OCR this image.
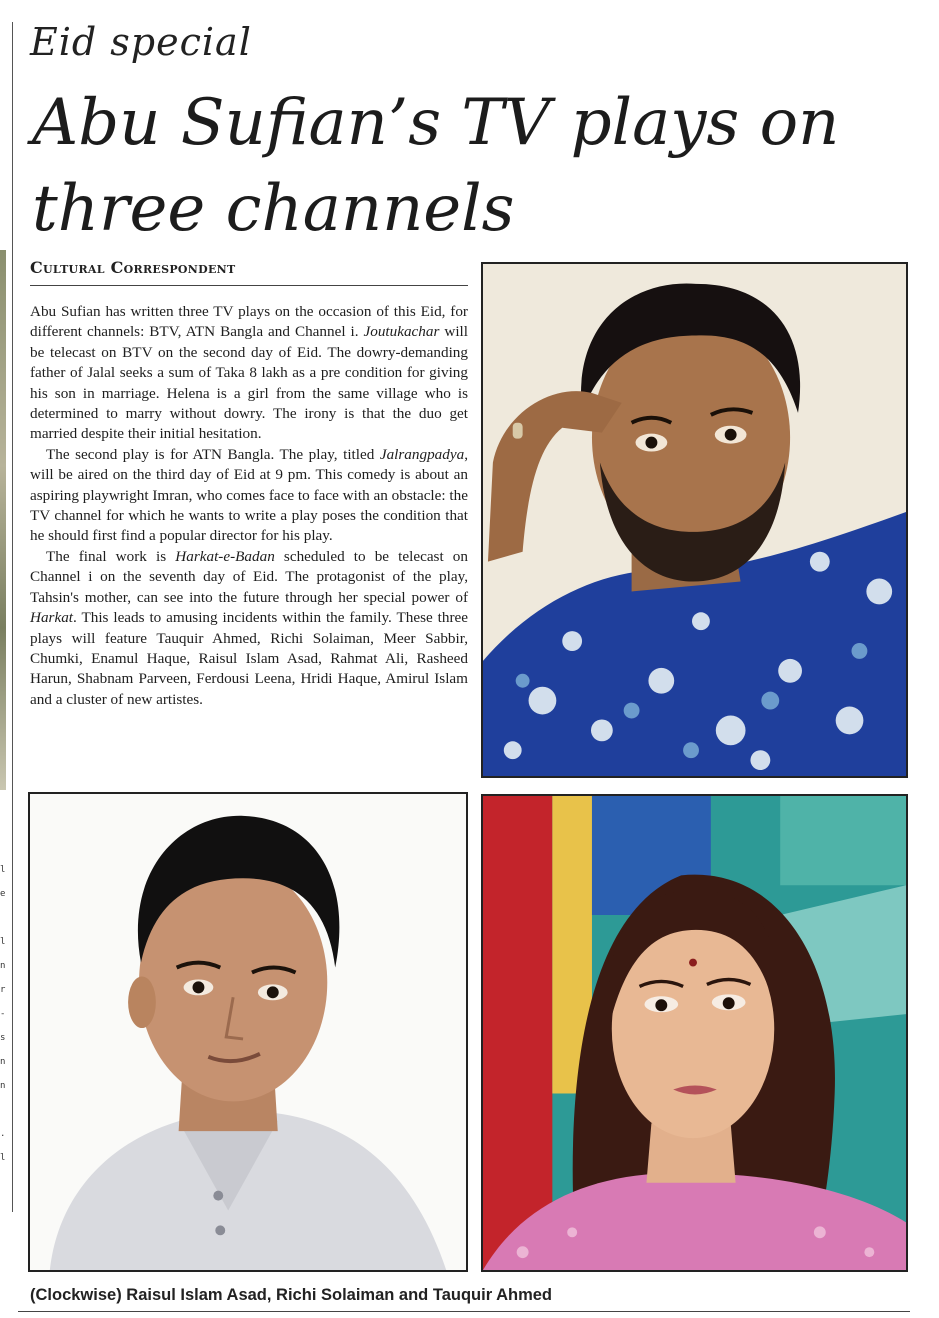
l
e

l
n
r
-
s
n
n

.
l
Eid special
Abu Sufian’s TV plays on three channels
Cultural Correspondent

Abu Sufian has written three TV plays on the occasion of this Eid, for different channels: BTV, ATN Bangla and Channel i. Joutukachar will be telecast on BTV on the second day of Eid. The dowry-demanding father of Jalal seeks a sum of Taka 8 lakh as a pre condition for giving his son in marriage. Helena is a girl from the same village who is determined to marry without dowry. The irony is that the duo get married despite their initial hesitation.

The second play is for ATN Bangla. The play, titled Jalrangpadya, will be aired on the third day of Eid at 9 pm. This comedy is about an aspiring playwright Imran, who comes face to face with an obstacle: the TV channel for which he wants to write a play poses the condition that he should first find a popular director for his play.

The final work is Harkat-e-Badan scheduled to be telecast on Channel i on the seventh day of Eid. The protagonist of the play, Tahsin's mother, can see into the future through her special power of Harkat. This leads to amusing incidents within the family. These three plays will feature Tauquir Ahmed, Richi Solaiman, Meer Sabbir, Chumki, Enamul Haque, Raisul Islam Asad, Rahmat Ali, Rasheed Harun, Shabnam Parveen, Ferdousi Leena, Hridi Haque, Amirul Islam and a cluster of new artistes.

(Clockwise) Raisul Islam Asad, Richi Solaiman and Tauquir Ahmed
